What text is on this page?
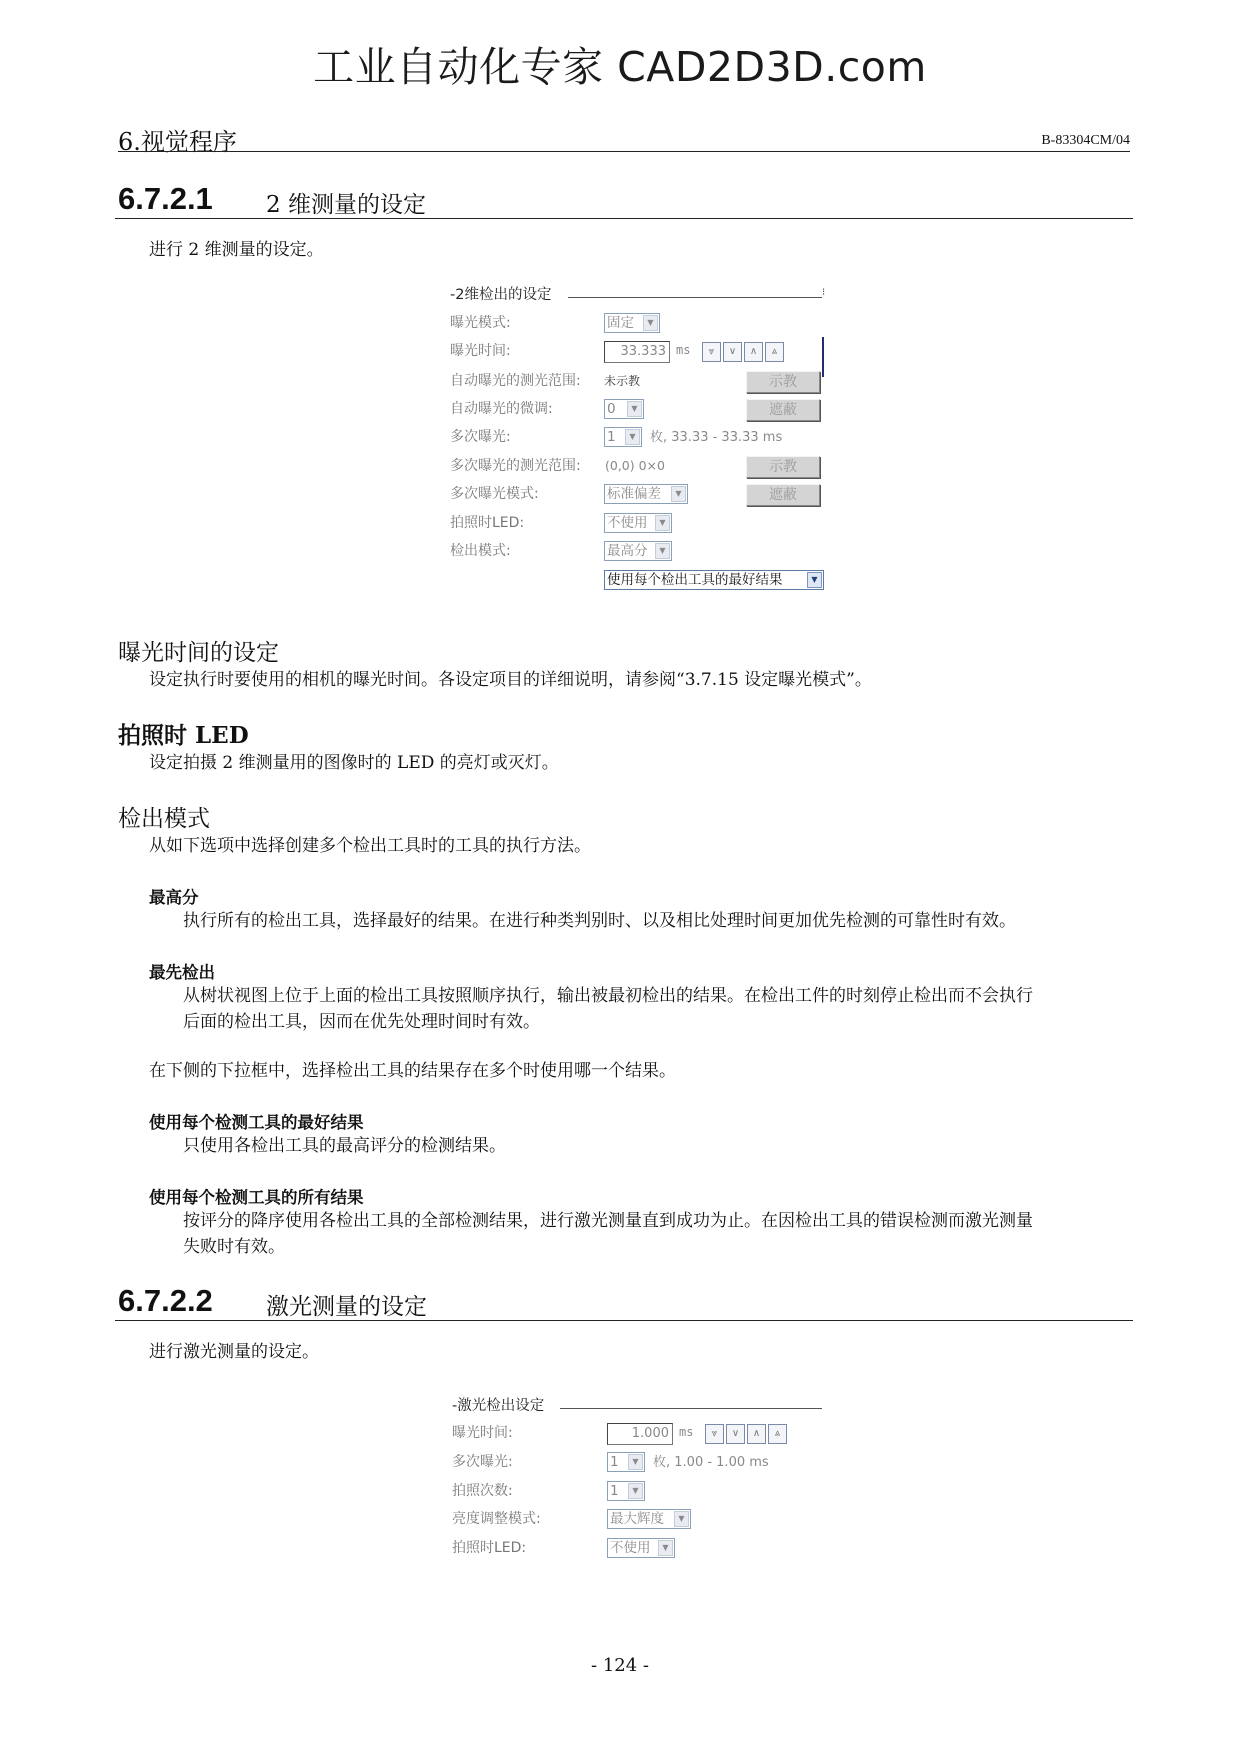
工业自动化专家 CAD2D3D.com
6.视觉程序	B-83304CM/04
6.7.2.1 2 维测量的设定
进行 2 维测量的设定。
-2维检出的设定	⁝
曝光模式:	固定	▼
曝光时间:	33.333 ms	⩔	∨	∧	⩓
自动曝光的测光范围: 未示教	示教
自动曝光的微调:	0	▼	遮蔽
多次曝光:	1	▼	枚, 33.33 - 33.33 ms
多次曝光的测光范围: (0,0) 0×0	示教
多次曝光模式:	标准偏差	▼	遮蔽
拍照时LED:	不使用	▼
检出模式:	最高分	▼
使用每个检出工具的最好结果	▼
曝光时间的设定
设定执行时要使用的相机的曝光时间。各设定项目的详细说明，请参阅“3.7.15 设定曝光模式”。
拍照时 LED
设定拍摄 2 维测量用的图像时的 LED 的亮灯或灭灯。
检出模式
从如下选项中选择创建多个检出工具时的工具的执行方法。
最高分
执行所有的检出工具，选择最好的结果。在进行种类判别时、以及相比处理时间更加优先检测的可靠性时有效。
最先检出
从树状视图上位于上面的检出工具按照顺序执行，输出被最初检出的结果。在检出工件的时刻停止检出而不会执行
后面的检出工具，因而在优先处理时间时有效。
在下侧的下拉框中，选择检出工具的结果存在多个时使用哪一个结果。
使用每个检测工具的最好结果
只使用各检出工具的最高评分的检测结果。
使用每个检测工具的所有结果
按评分的降序使用各检出工具的全部检测结果，进行激光测量直到成功为止。在因检出工具的错误检测而激光测量
失败时有效。
6.7.2.2 激光测量的设定
进行激光测量的设定。
-激光检出设定
曝光时间:	1.000 ms	⩔	∨	∧	⩓
多次曝光:	1	▼	枚, 1.00 - 1.00 ms
拍照次数:	1	▼
亮度调整模式:	最大辉度	▼
拍照时LED:	不使用	▼
- 124 -
